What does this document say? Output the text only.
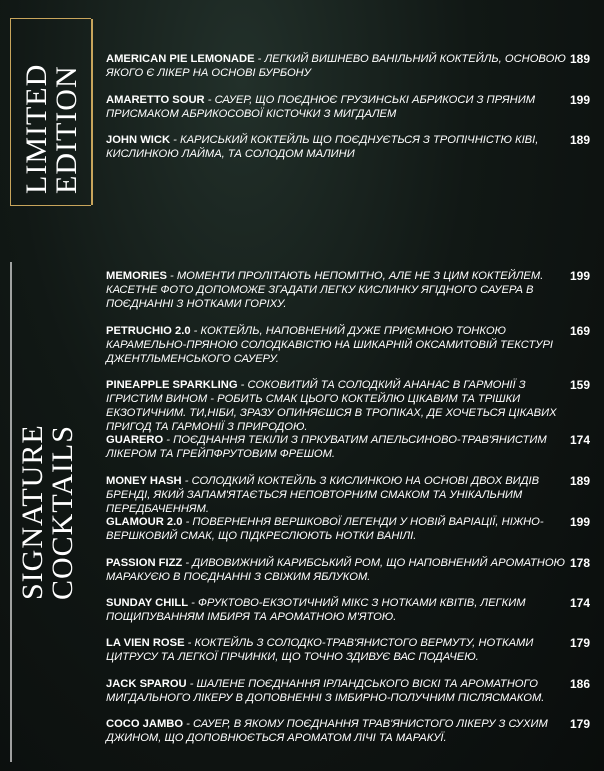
LIMITED
EDITION
SIGNATURE
COCKTAILS
AMERICAN PIE LEMONADE - ЛЕГКИЙ ВИШНЕВО ВАНІЛЬНИЙ КОКТЕЙЛЬ, ОСНОВОЮ ЯКОГО Є ЛІКЕР НА ОСНОВІ БУРБОНУ
189
AMARETTO SOUR - САУЕР, ЩО ПОЄДНЮЄ ГРУЗИНСЬКІ АБРИКОСИ З ПРЯНИМ ПРИСМАКОМ АБРИКОСОВОЇ КІСТОЧКИ З МИГДАЛЕМ
199
JOHN WICK - КАРИСЬКИЙ КОКТЕЙЛЬ ЩО ПОЄДНУЄТЬСЯ З ТРОПІЧНІСТЮ КІВІ, КИСЛИНКОЮ ЛАЙМА, ТА СОЛОДОМ МАЛИНИ
189
MEMORIES - МОМЕНТИ ПРОЛІТАЮТЬ НЕПОМІТНО, АЛЕ НЕ З ЦИМ КОКТЕЙЛЕМ. КАСЕТНЕ ФОТО ДОПОМОЖЕ ЗГАДАТИ ЛЕГКУ КИСЛИНКУ ЯГІДНОГО САУЕРА В ПОЄДНАННІ З НОТКАМИ ГОРІХУ.
199
PETRUCHIO 2.0 - КОКТЕЙЛЬ, НАПОВНЕНИЙ ДУЖЕ ПРИЄМНОЮ ТОНКОЮ КАРАМЕЛЬНО-ПРЯНОЮ СОЛОДКАВІСТЮ НА ШИКАРНІЙ ОКСАМИТОВІЙ ТЕКСТУРІ ДЖЕНТЛЬМЕНСЬКОГО САУЕРУ.
169
PINEAPPLE SPARKLING - СОКОВИТИЙ ТА СОЛОДКИЙ АНАНАС В ГАРМОНІЇ З ІГРИСТИМ ВИНОМ - РОБИТЬ СМАК ЦЬОГО КОКТЕЙЛЮ ЦІКАВИМ ТА ТРІШКИ ЕКЗОТИЧНИМ. ТИ,НІБИ, ЗРАЗУ ОПИНЯЄШСЯ В ТРОПІКАХ, ДЕ ХОЧЕТЬСЯ ЦІКАВИХ ПРИГОД ТА ГАРМОНІЇ З ПРИРОДОЮ.
159
GUARERO - ПОЄДНАННЯ ТЕКІЛИ З ПРКУВАТИМ АПЕЛЬСИНОВО-ТРАВ'ЯНИСТИМ ЛІКЕРОМ ТА ГРЕЙПФРУТОВИМ ФРЕШОМ.
174
MONEY HASH - СОЛОДКИЙ КОКТЕЙЛЬ З КИСЛИНКОЮ НА ОСНОВІ ДВОХ ВИДІВ БРЕНДІ, ЯКИЙ ЗАПАМ'ЯТАЄТЬСЯ НЕПОВТОРНИМ СМАКОМ ТА УНІКАЛЬНИМ ПЕРЕДБАЧЕННЯМ.
189
GLAMOUR 2.0 - ПОВЕРНЕННЯ ВЕРШКОВОЇ ЛЕГЕНДИ У НОВІЙ ВАРІАЦІЇ, НІЖНО-ВЕРШКОВИЙ СМАК, ЩО ПІДКРЕСЛЮЮТЬ НОТКИ ВАНІЛІ.
199
PASSION FIZZ - ДИВОВИЖНИЙ КАРИБСЬКИЙ РОМ, ЩО НАПОВНЕНИЙ АРОМАТНОЮ МАРАКУЄЮ В ПОЄДНАННІ З СВІЖИМ ЯБЛУКОМ.
178
SUNDAY CHILL - ФРУКТОВО-ЕКЗОТИЧНИЙ МІКС З НОТКАМИ КВІТІВ, ЛЕГКИМ ПОЩИПУВАННЯМ ІМБИРЯ ТА АРОМАТНОЮ М'ЯТОЮ.
174
LA VIEN ROSE - КОКТЕЙЛЬ З СОЛОДКО-ТРАВ'ЯНИСТОГО ВЕРМУТУ, НОТКАМИ ЦИТРУСУ ТА ЛЕГКОЇ ГІРЧИНКИ, ЩО ТОЧНО ЗДИВУЄ ВАС ПОДАЧЕЮ.
179
JACK SPAROU - ШАЛЕНЕ ПОЄДНАННЯ ІРЛАНДСЬКОГО ВІСКІ ТА АРОМАТНОГО МИГДАЛЬНОГО ЛІКЕРУ В ДОПОВНЕННІ З ІМБИРНО-ПОЛУЧНИМ ПІСЛЯСМАКОМ.
186
COCO JAMBO - САУЕР, В ЯКОМУ ПОЄДНАННЯ ТРАВ'ЯНИСТОГО ЛІКЕРУ З СУХИМ ДЖИНОМ, ЩО ДОПОВНЮЄТЬСЯ АРОМАТОМ ЛІЧІ ТА МАРАКУЇ.
179
